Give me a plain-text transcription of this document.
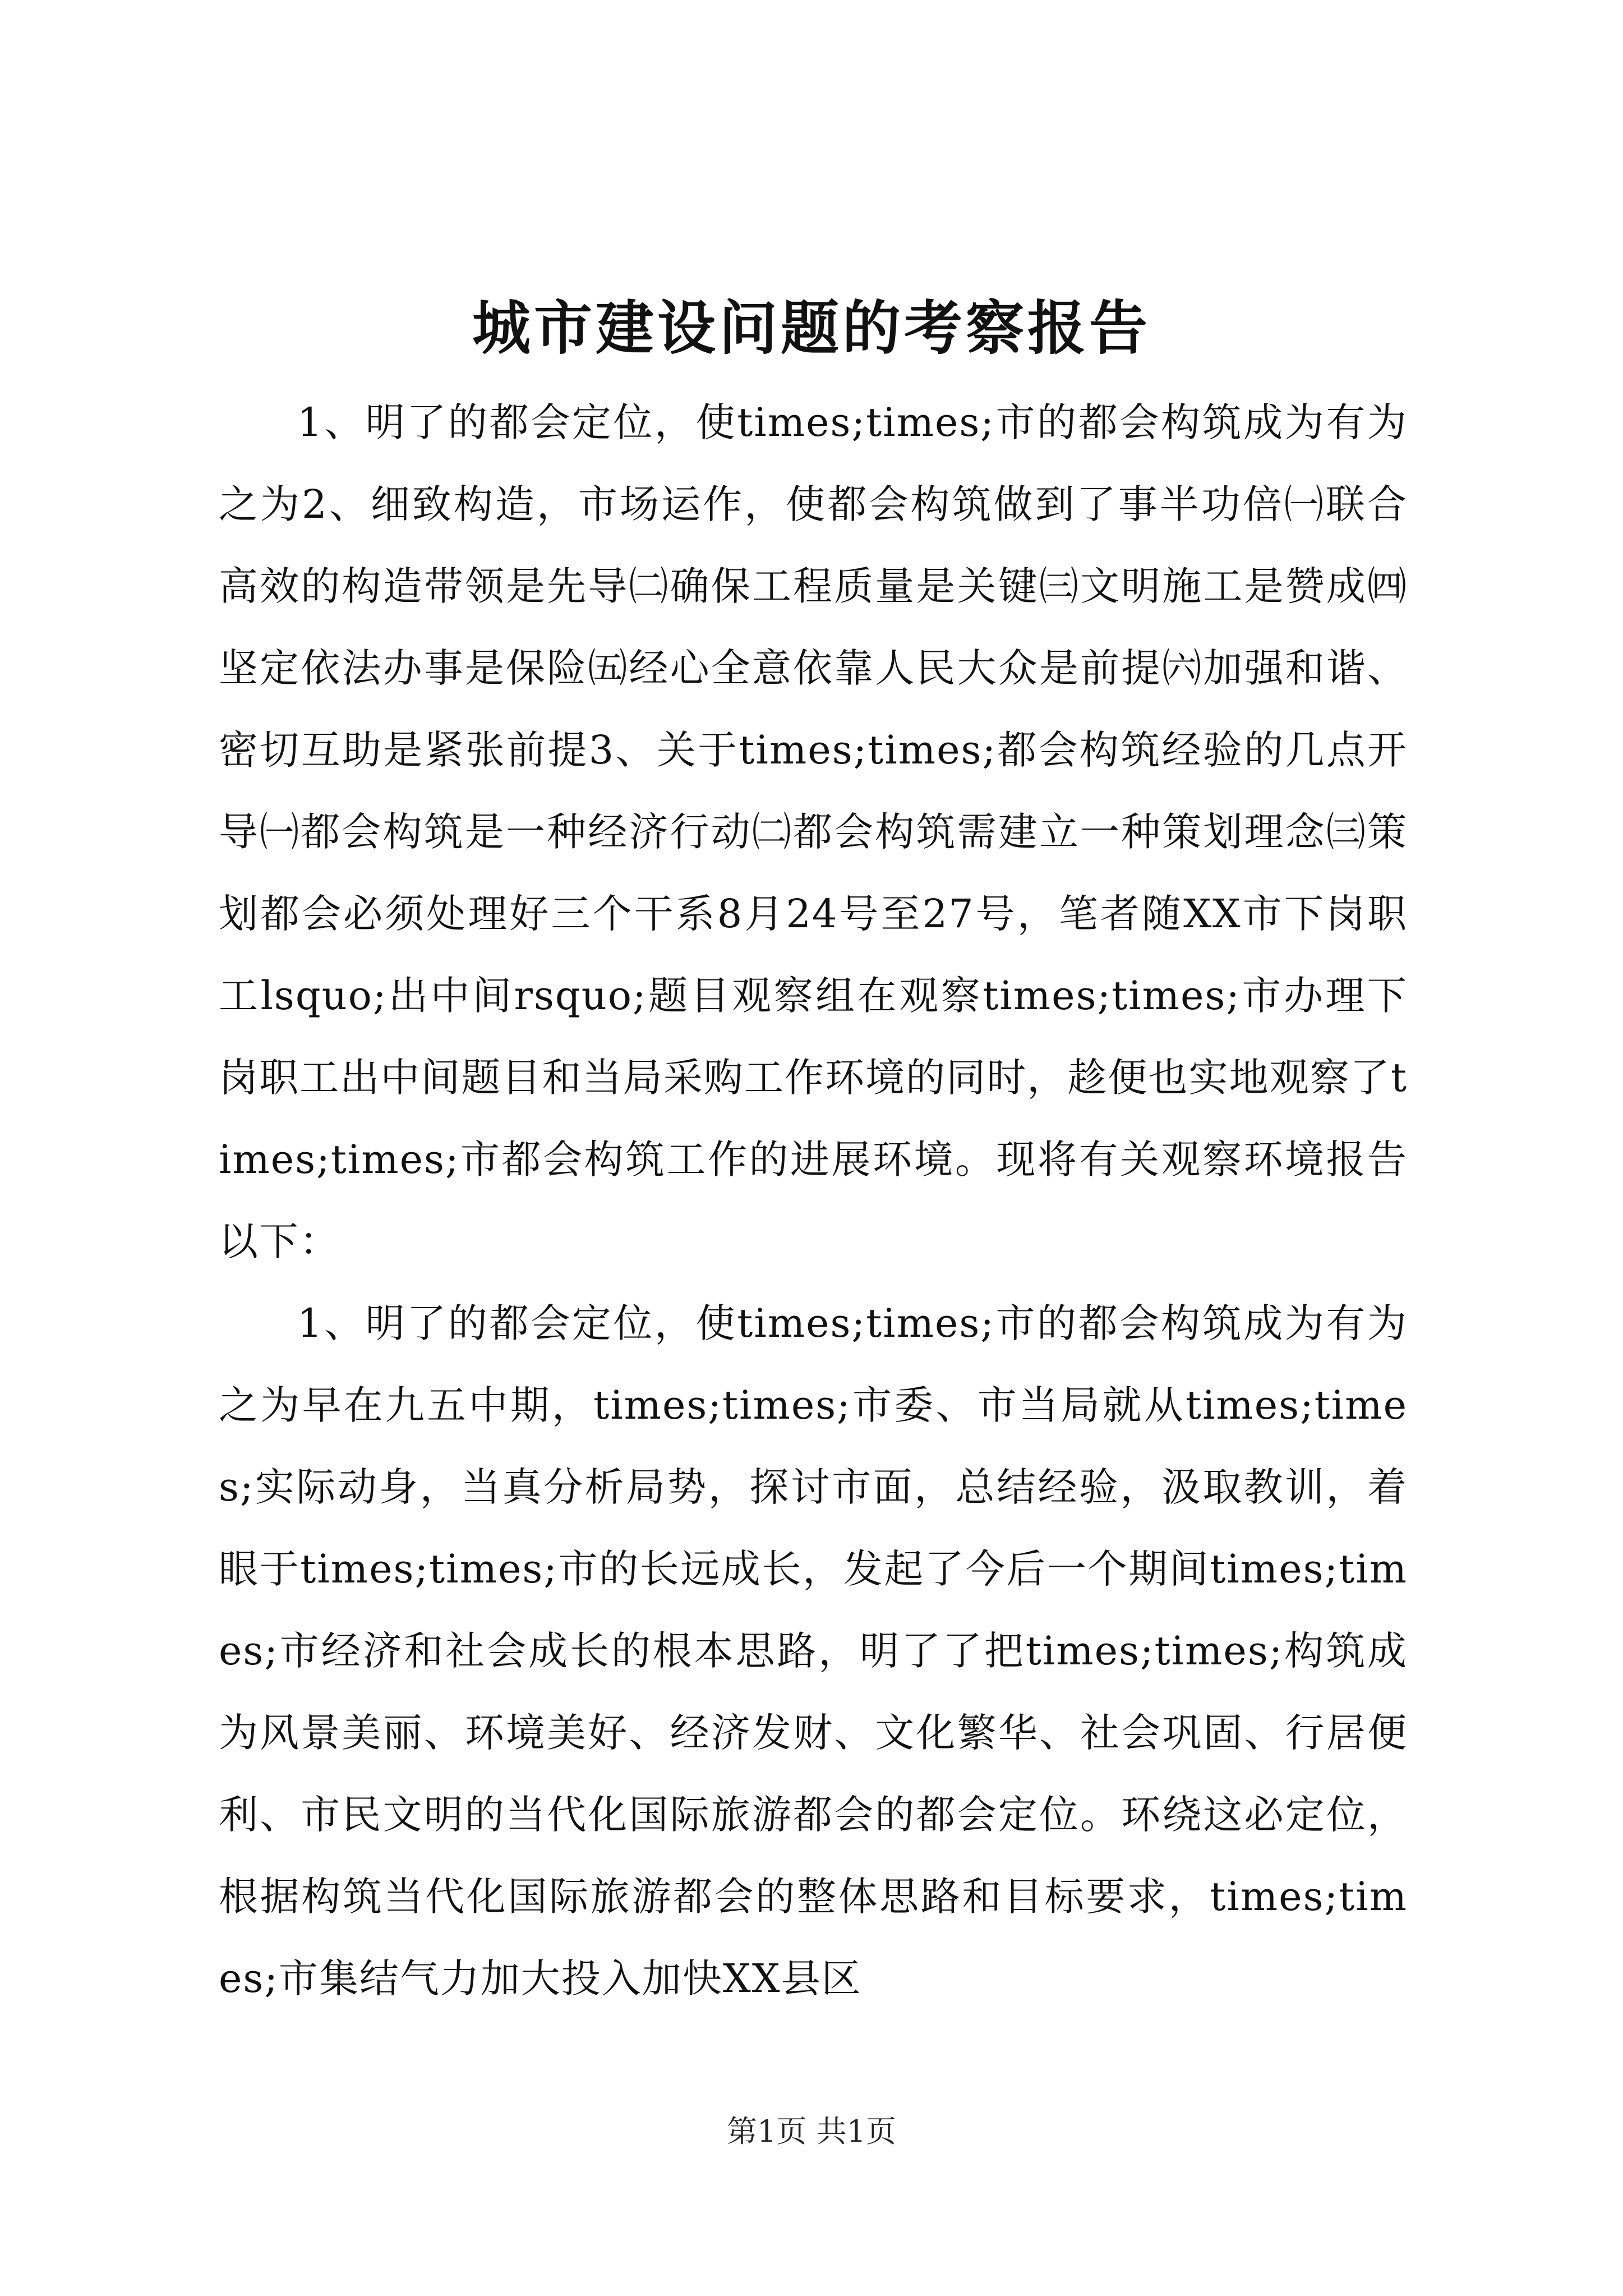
城市建设问题的考察报告

1、明了的都会定位，使times;times;市的都会构筑成为有为之为2、细致构造，市场运作，使都会构筑做到了事半功倍㈠联合高效的构造带领是先导㈡确保工程质量是关键㈢文明施工是赞成㈣坚定依法办事是保险㈤经心全意依靠人民大众是前提㈥加强和谐、密切互助是紧张前提3、关于times;times;都会构筑经验的几点开导㈠都会构筑是一种经济行动㈡都会构筑需建立一种策划理念㈢策划都会必须处理好三个干系8月24号至27号，笔者随XX市下岗职工lsquo;出中间rsquo;题目观察组在观察times;times;市办理下岗职工出中间题目和当局采购工作环境的同时，趁便也实地观察了times;times;市都会构筑工作的进展环境。现将有关观察环境报告以下：

1、明了的都会定位，使times;times;市的都会构筑成为有为之为早在九五中期，times;times;市委、市当局就从times;times;实际动身，当真分析局势，探讨市面，总结经验，汲取教训，着眼于times;times;市的长远成长，发起了今后一个期间times;times;市经济和社会成长的根本思路，明了了把times;times;构筑成为风景美丽、环境美好、经济发财、文化繁华、社会巩固、行居便利、市民文明的当代化国际旅游都会的都会定位。环绕这必定位，根据构筑当代化国际旅游都会的整体思路和目标要求，times;times;市集结气力加大投入加快XX县区

第1页 共1页
